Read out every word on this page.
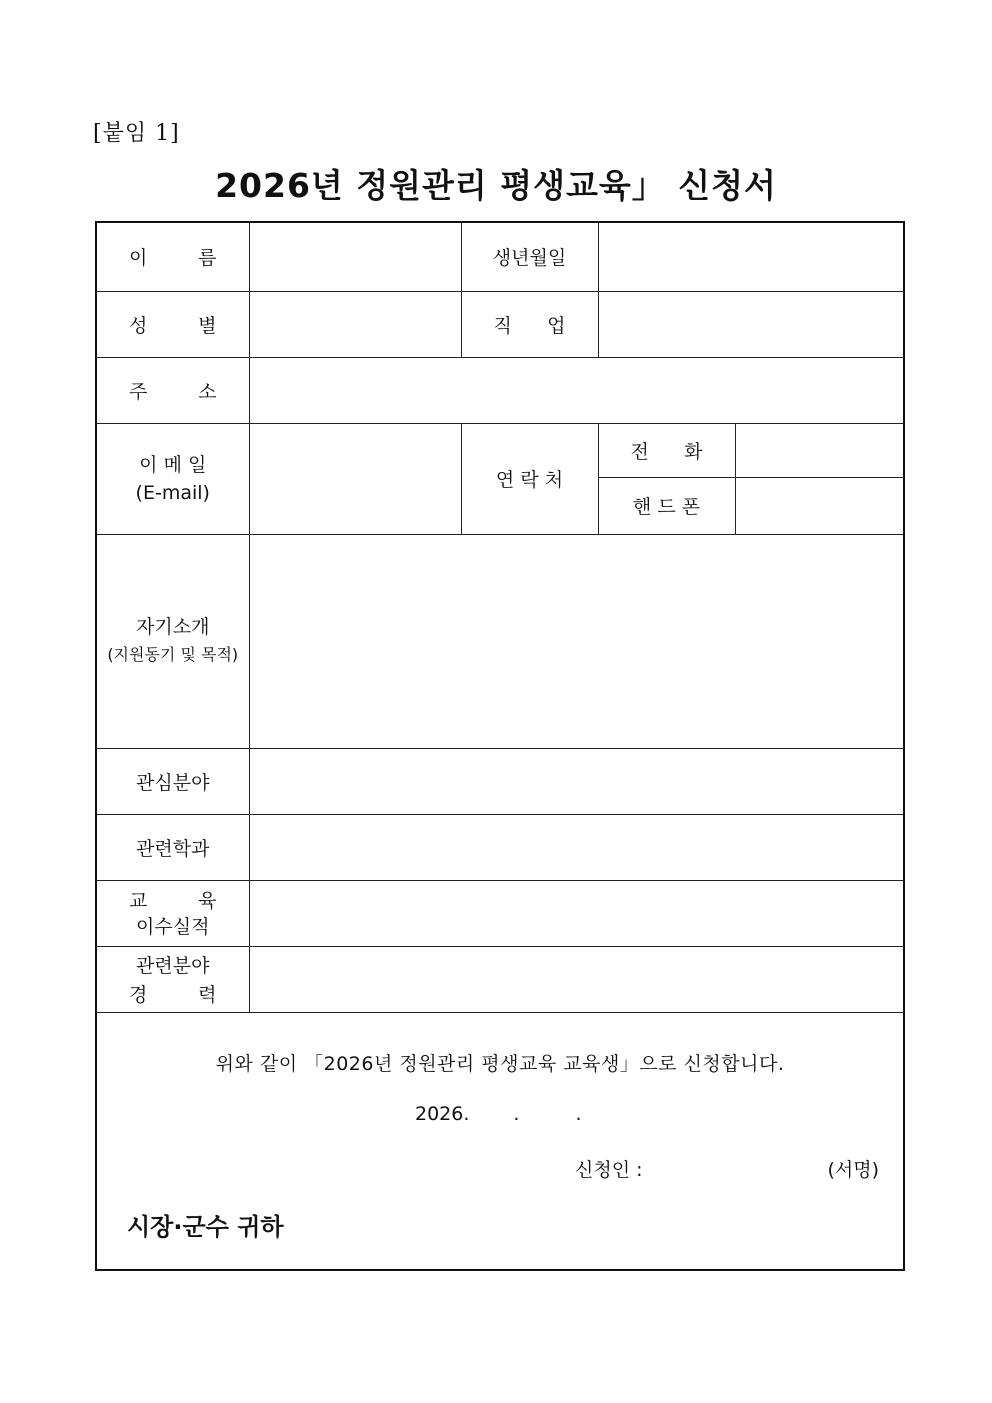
[붙임 1]
2026년 정원관리 평생교육」 신청서
이 름		생년월일		

성 별		직 업		

주 소				

이 메 일
(E-mail)		연 락 처	전 화	

			핸 드 폰	

자기소개
(지원동기 및 목적)				

관심분야				
관련학과				

교 육
이수실적				

관련분야
경 력				

위와 같이 「2026년 정원관리 평생교육 교육생」으로 신청합니다.
2026. .	.
신청인 :	(서명)
시장·군수 귀하
